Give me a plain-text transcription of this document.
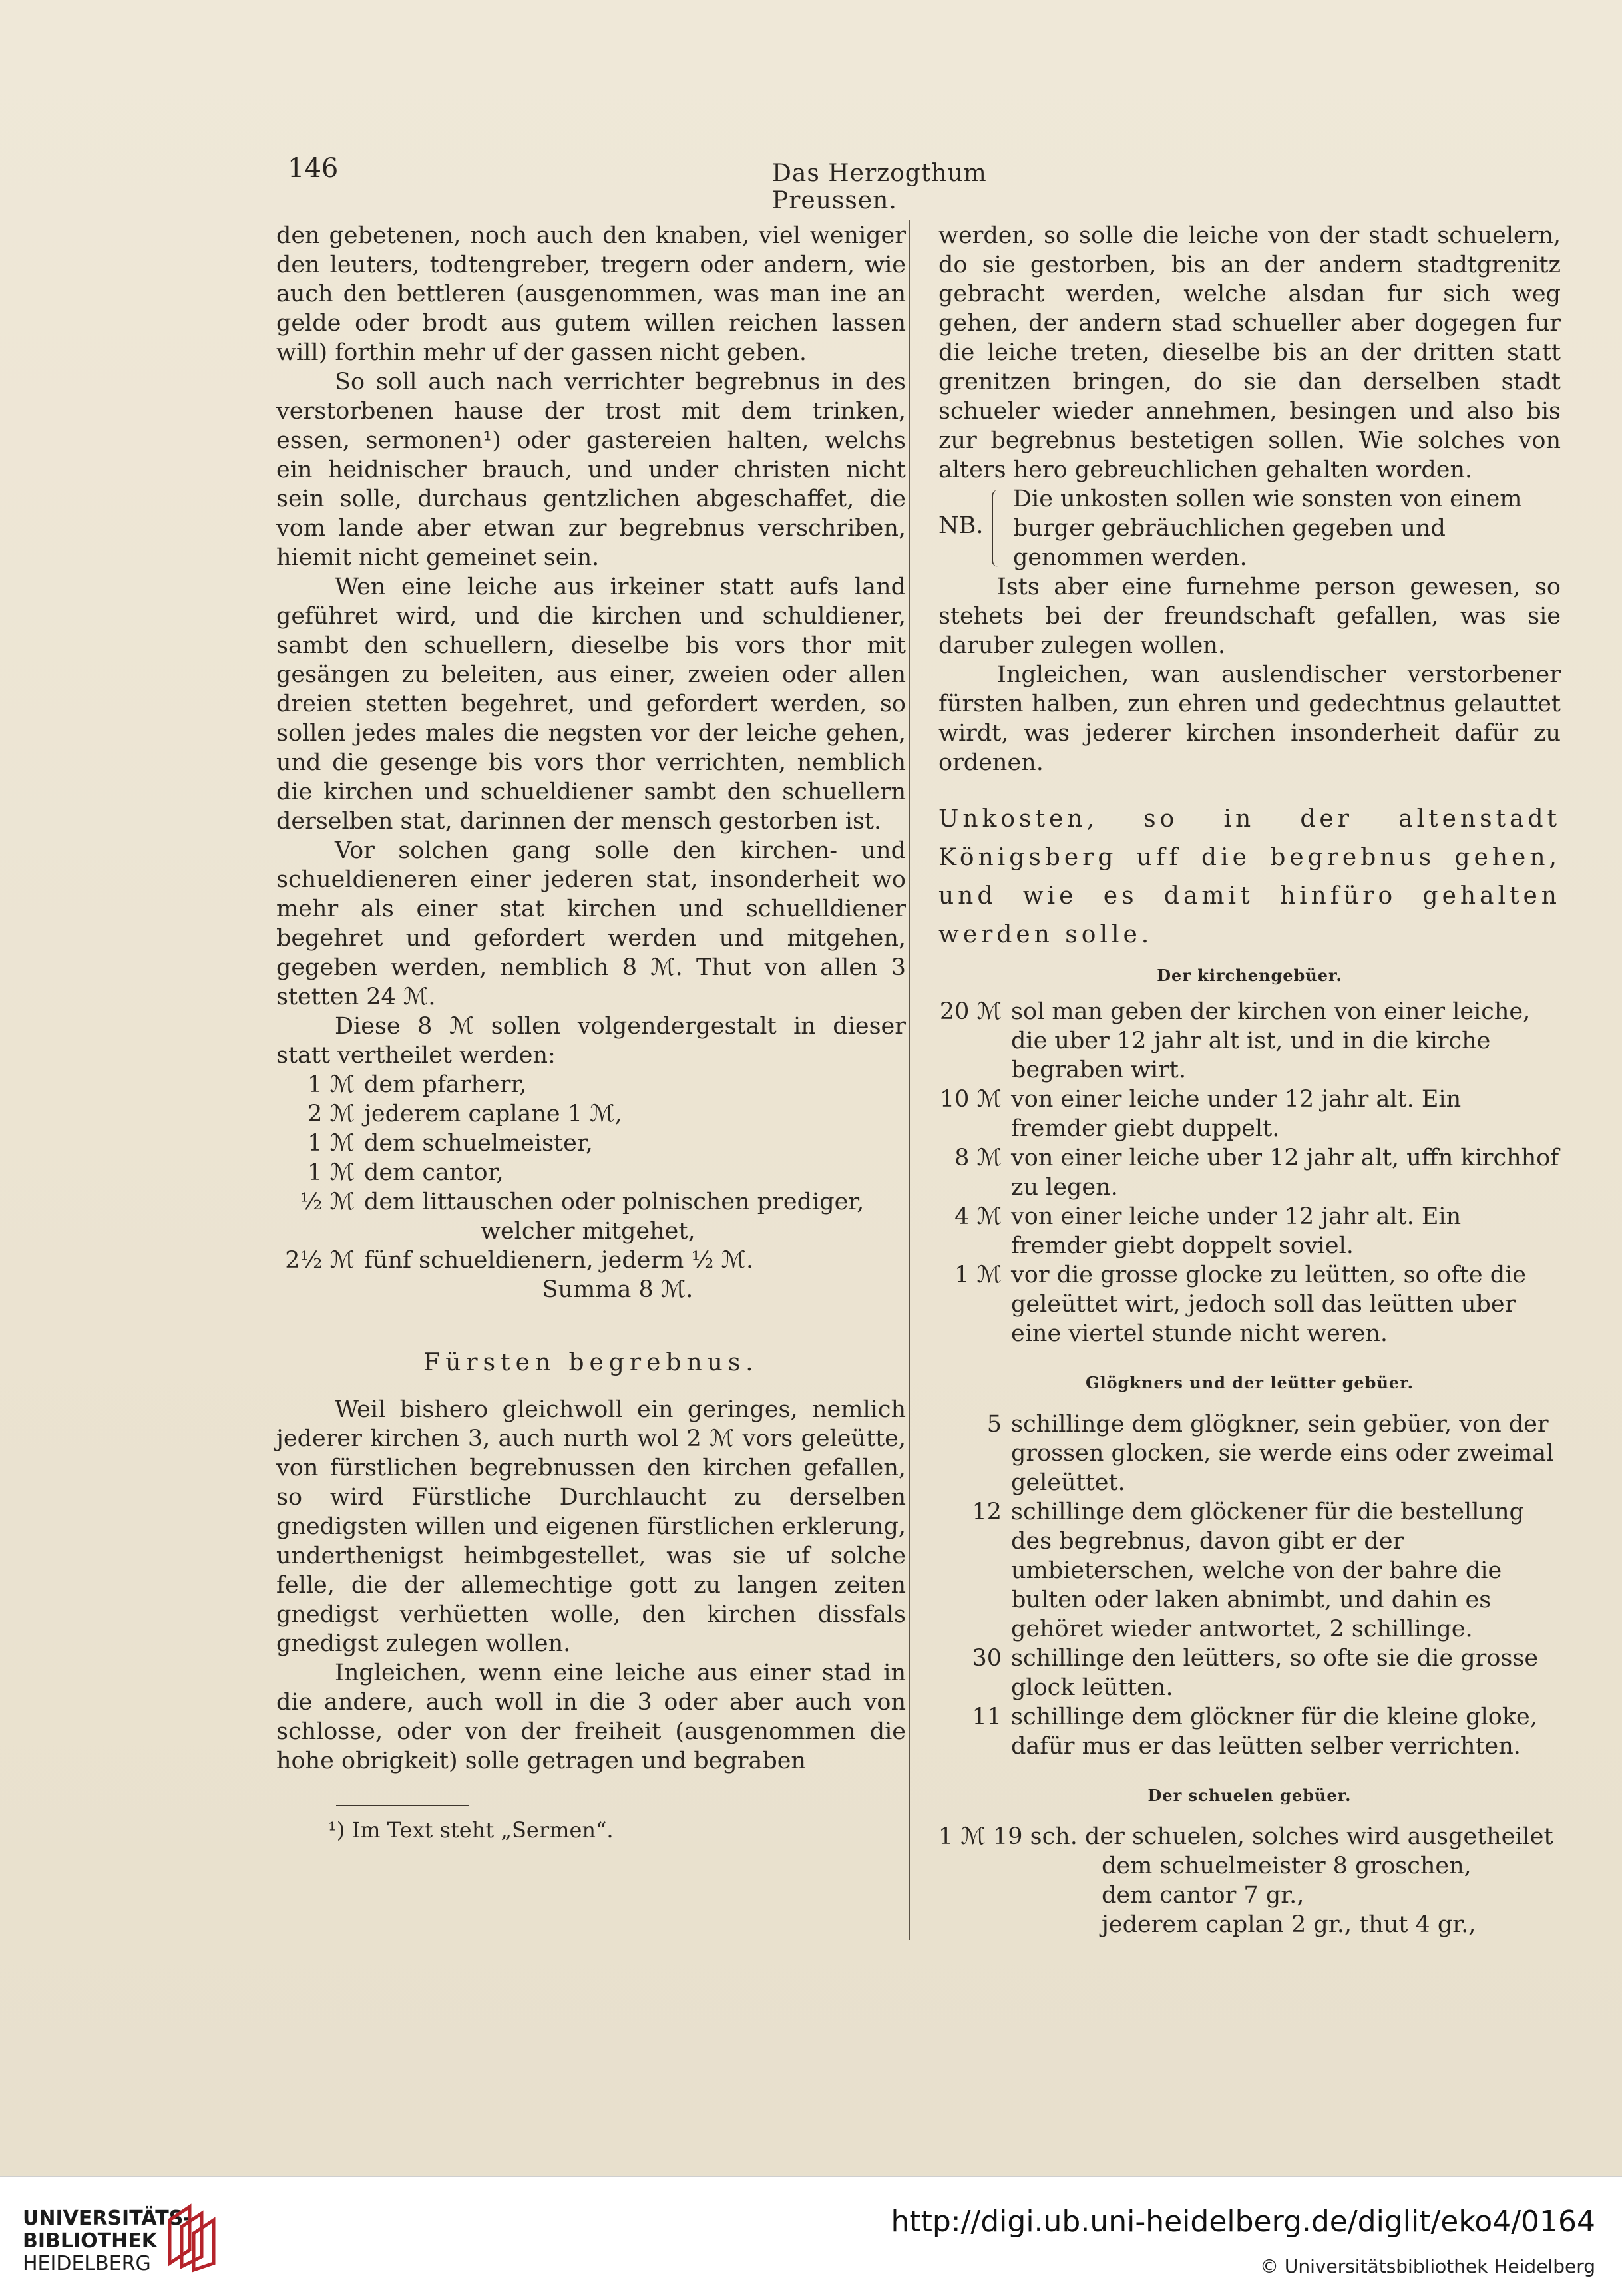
146	Das Herzogthum Preussen.

den gebetenen, noch auch den knaben, viel weniger den leuters, todtengreber, tregern oder andern, wie auch den bettleren (ausgenommen, was man ine an gelde oder brodt aus gutem willen reichen lassen will) forthin mehr uf der gassen nicht geben.

So soll auch nach verrichter begrebnus in des verstorbenen hause der trost mit dem trinken, essen, sermonen¹) oder gastereien halten, welchs ein heidnischer brauch, und under christen nicht sein solle, durchaus gentzlichen abgeschaffet, die vom lande aber etwan zur begrebnus verschriben, hiemit nicht gemeinet sein.

Wen eine leiche aus irkeiner statt aufs land geführet wird, und die kirchen und schuldiener, sambt den schuellern, dieselbe bis vors thor mit gesängen zu beleiten, aus einer, zweien oder allen dreien stetten begehret, und gefordert werden, so sollen jedes males die negsten vor der leiche gehen, und die gesenge bis vors thor verrichten, nemblich die kirchen und schueldiener sambt den schuellern derselben stat, darinnen der mensch gestorben ist.

Vor solchen gang solle den kirchen- und schueldieneren einer jederen stat, insonderheit wo mehr als einer stat kirchen und schuelldiener begehret und gefordert werden und mitgehen, gegeben werden, nemblich 8 ℳ. Thut von allen 3 stetten 24 ℳ.

Diese 8 ℳ sollen volgendergestalt in dieser statt vertheilet werden:

1 ℳ dem pfarherr,
2 ℳ jederem caplane 1 ℳ,
1 ℳ dem schuelmeister,
1 ℳ dem cantor,
½ ℳ dem littauschen oder polnischen prediger,
welcher mitgehet,
2½ ℳ fünf schueldienern, jederm ½ ℳ.
Summa 8 ℳ.
Fürsten begrebnus.

Weil bishero gleichwoll ein geringes, nemlich jederer kirchen 3, auch nurth wol 2 ℳ vors geleütte, von fürstlichen begrebnussen den kirchen gefallen, so wird Fürstliche Durchlaucht zu derselben gnedigsten willen und eigenen fürstlichen erklerung, underthenigst heimbgestellet, was sie uf solche felle, die der allemechtige gott zu langen zeiten gnedigst verhüetten wolle, den kirchen dissfals gnedigst zulegen wollen.

Ingleichen, wenn eine leiche aus einer stad in die andere, auch woll in die 3 oder aber auch von schlosse, oder von der freiheit (ausgenommen die hohe obrigkeit) solle getragen und begraben

¹) Im Text steht „Sermen“.

werden, so solle die leiche von der stadt schuelern, do sie gestorben, bis an der andern stadtgrenitz gebracht werden, welche alsdan fur sich weg gehen, der andern stad schueller aber dogegen fur die leiche treten, dieselbe bis an der dritten statt grenitzen bringen, do sie dan derselben stadt schueler wieder annehmen, besingen und also bis zur begrebnus bestetigen sollen. Wie solches von alters hero gebreuchlichen gehalten worden.

NB.
Die unkosten sollen wie sonsten von einem burger gebräuchlichen gegeben und genommen werden.

Ists aber eine furnehme person gewesen, so stehets bei der freundschaft gefallen, was sie daruber zulegen wollen.

Ingleichen, wan auslendischer verstorbener fürsten halben, zun ehren und gedechtnus gelauttet wirdt, was jederer kirchen insonderheit dafür zu ordenen.

Unkosten, so in der altenstadt Königsberg uff die begrebnus gehen, und wie es damit hinfüro gehalten werden solle.

Der kirchengebüer.
20 ℳ sol man geben der kirchen von einer leiche, die uber 12 jahr alt ist, und in die kirche begraben wirt.
10 ℳ von einer leiche under 12 jahr alt. Ein fremder giebt duppelt.
8 ℳ von einer leiche uber 12 jahr alt, uffn kirchhof zu legen.
4 ℳ von einer leiche under 12 jahr alt. Ein fremder giebt doppelt soviel.
1 ℳ vor die grosse glocke zu leütten, so ofte die geleüttet wirt, jedoch soll das leütten uber eine viertel stunde nicht weren.
Glögkners und der leütter gebüer.
5 schillinge dem glögkner, sein gebüer, von der grossen glocken, sie werde eins oder zweimal geleüttet.
12 schillinge dem glöckener für die bestellung des begrebnus, davon gibt er der umbieterschen, welche von der bahre die bulten oder laken abnimbt, und dahin es gehöret wieder antwortet, 2 schillinge.
30 schillinge den leütters, so ofte sie die grosse glock leütten.
11 schillinge dem glöckner für die kleine gloke, dafür mus er das leütten selber verrichten.
Der schuelen gebüer.
1 ℳ 19 sch. der schuelen, solches wird ausgetheilet
dem schuelmeister 8 groschen,
dem cantor 7 gr.,
jederem caplan 2 gr., thut 4 gr.,
UNIVERSITÄTS-
BIBLIOTHEK
HEIDELBERG
http://digi.ub.uni-heidelberg.de/diglit/eko4/0164
© Universitätsbibliothek Heidelberg
